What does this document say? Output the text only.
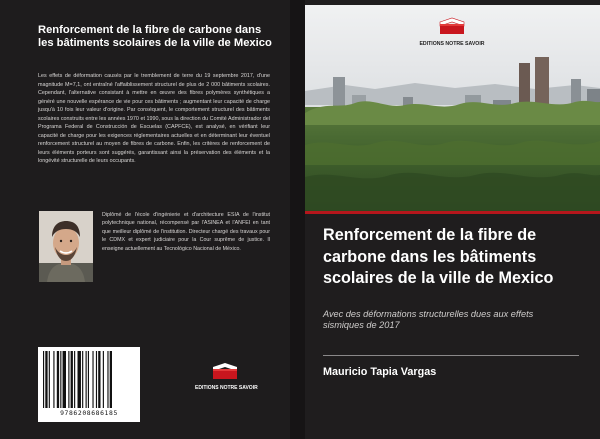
Renforcement de la fibre de carbone dans les bâtiments scolaires de la ville de Mexico

Les effets de déformation causés par le tremblement de terre du 19 septembre 2017, d'une magnitude M=7,1, ont entraîné l'affaiblissement structurel de plus de 2 000 bâtiments scolaires. Cependant, l'alternative consistant à mettre en œuvre des fibres polymères synthétiques a généré une nouvelle espérance de vie pour ces bâtiments ; augmentant leur capacité de charge jusqu'à 10 fois leur valeur d'origine. Par conséquent, le comportement structurel des bâtiments scolaires construits entre les années 1970 et 1990, sous la direction du Comité Administrador del Programa Federal de Construcción de Escuelas (CAPFCE), est analysé, en vérifiant leur capacité de charge pour les exigences réglementaires actuelles et en déterminant leur éventuel renforcement structurel au moyen de fibres de carbone. Enfin, les critères de renforcement de leurs éléments porteurs sont suggérés, garantissant ainsi la préservation des éléments et la longévité structurelle de leurs occupants.

Diplômé de l'école d'ingénierie et d'architecture ESIA de l'institut polytechnique national, récompensé par l'ASINEA et l'ANFEI en tant que meilleur diplômé de l'institution. Directeur chargé des travaux pour le CDMX et expert judiciaire pour la Cour suprême de justice. Il enseigne actuellement au Tecnológico Nacional de México.

9786208686185
EDITIONS NOTRE SAVOIR
EDITIONS NOTRE SAVOIR
Renforcement de la fibre de carbone dans les bâtiments scolaires de la ville de Mexico

Avec des déformations structurelles dues aux effets sismiques de 2017

Mauricio Tapia Vargas
